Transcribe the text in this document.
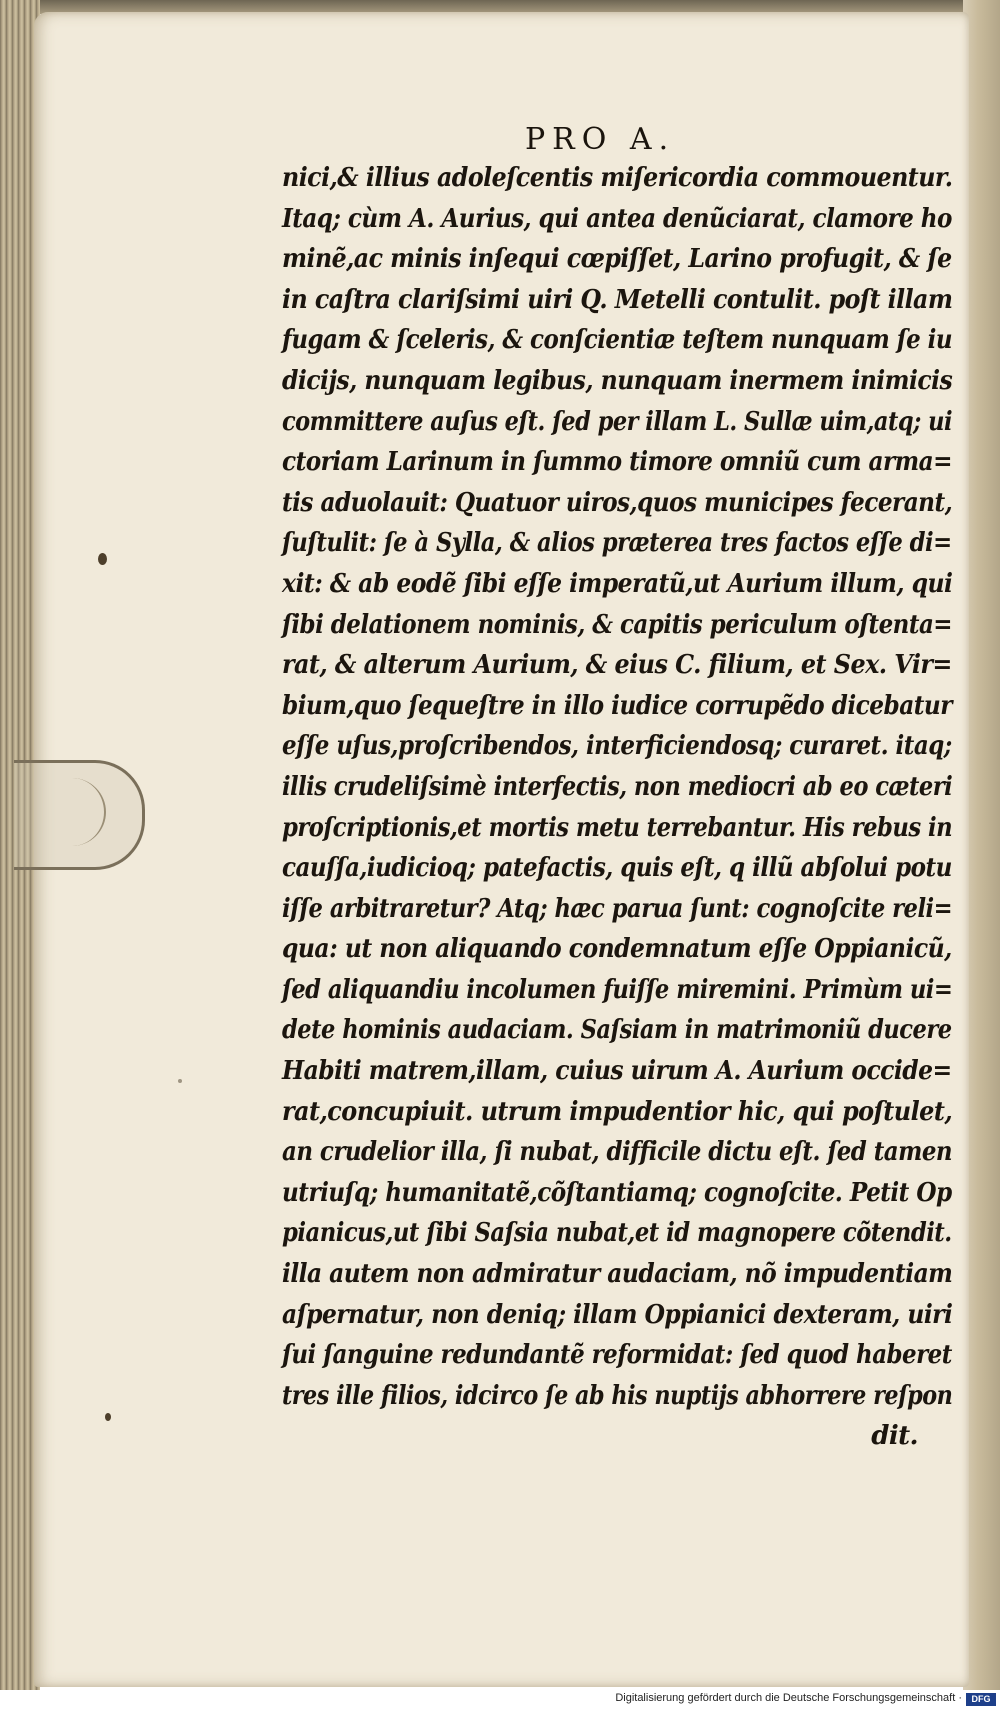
PRO A.
nici,& illius adoleſcentis miſericordia commouentur.
Itaq; cùm A. Aurius, qui antea denũciarat, clamore ho
minẽ,ac minis inſequi cœpiſſet, Larino profugit, & ſe
in caſtra clariſsimi uiri Q. Metelli contulit. poſt illam
fugam & ſceleris, & conſcientiæ teſtem nunquam ſe iu
dicijs, nunquam legibus, nunquam inermem inimicis
committere auſus eſt. ſed per illam L. Sullæ uim,atq; ui
ctoriam Larinum in ſummo timore omniũ cum arma=
tis aduolauit: Quatuor uiros,quos municipes fecerant,
ſuſtulit: ſe à Sylla, & alios præterea tres factos eſſe di=
xit: & ab eodẽ ſibi eſſe imperatũ,ut Aurium illum, qui
ſibi delationem nominis, & capitis periculum oſtenta=
rat, & alterum Aurium, & eius C. filium, et Sex. Vir=
bium,quo ſequeſtre in illo iudice corrupẽdo dicebatur
eſſe uſus,proſcribendos, interficiendosq; curaret. itaq;
illis crudeliſsimè interfectis, non mediocri ab eo cæteri
proſcriptionis,et mortis metu terrebantur. His rebus in
cauſſa,iudicioq; patefactis, quis eſt, q illũ abſolui potu
iſſe arbitraretur? Atq; hæc parua ſunt: cognoſcite reli=
qua: ut non aliquando condemnatum eſſe Oppianicũ,
ſed aliquandiu incolumen fuiſſe miremini. Primùm ui=
dete hominis audaciam. Saſsiam in matrimoniũ ducere
Habiti matrem,illam, cuius uirum A. Aurium occide=
rat,concupiuit. utrum impudentior hic, qui poſtulet,
an crudelior illa, ſi nubat, difficile dictu eſt. ſed tamen
utriuſq; humanitatẽ,cõſtantiamq; cognoſcite. Petit Op
pianicus,ut ſibi Saſsia nubat,et id magnopere cõtendit.
illa autem non admiratur audaciam, nõ impudentiam
aſpernatur, non deniq; illam Oppianici dexteram, uiri
ſui ſanguine redundantẽ reformidat: ſed quod haberet
tres ille filios, idcirco ſe ab his nuptijs abhorrere reſpon
dit.
Digitalisierung gefördert durch die Deutsche Forschungsgemeinschaft ·	DFG
